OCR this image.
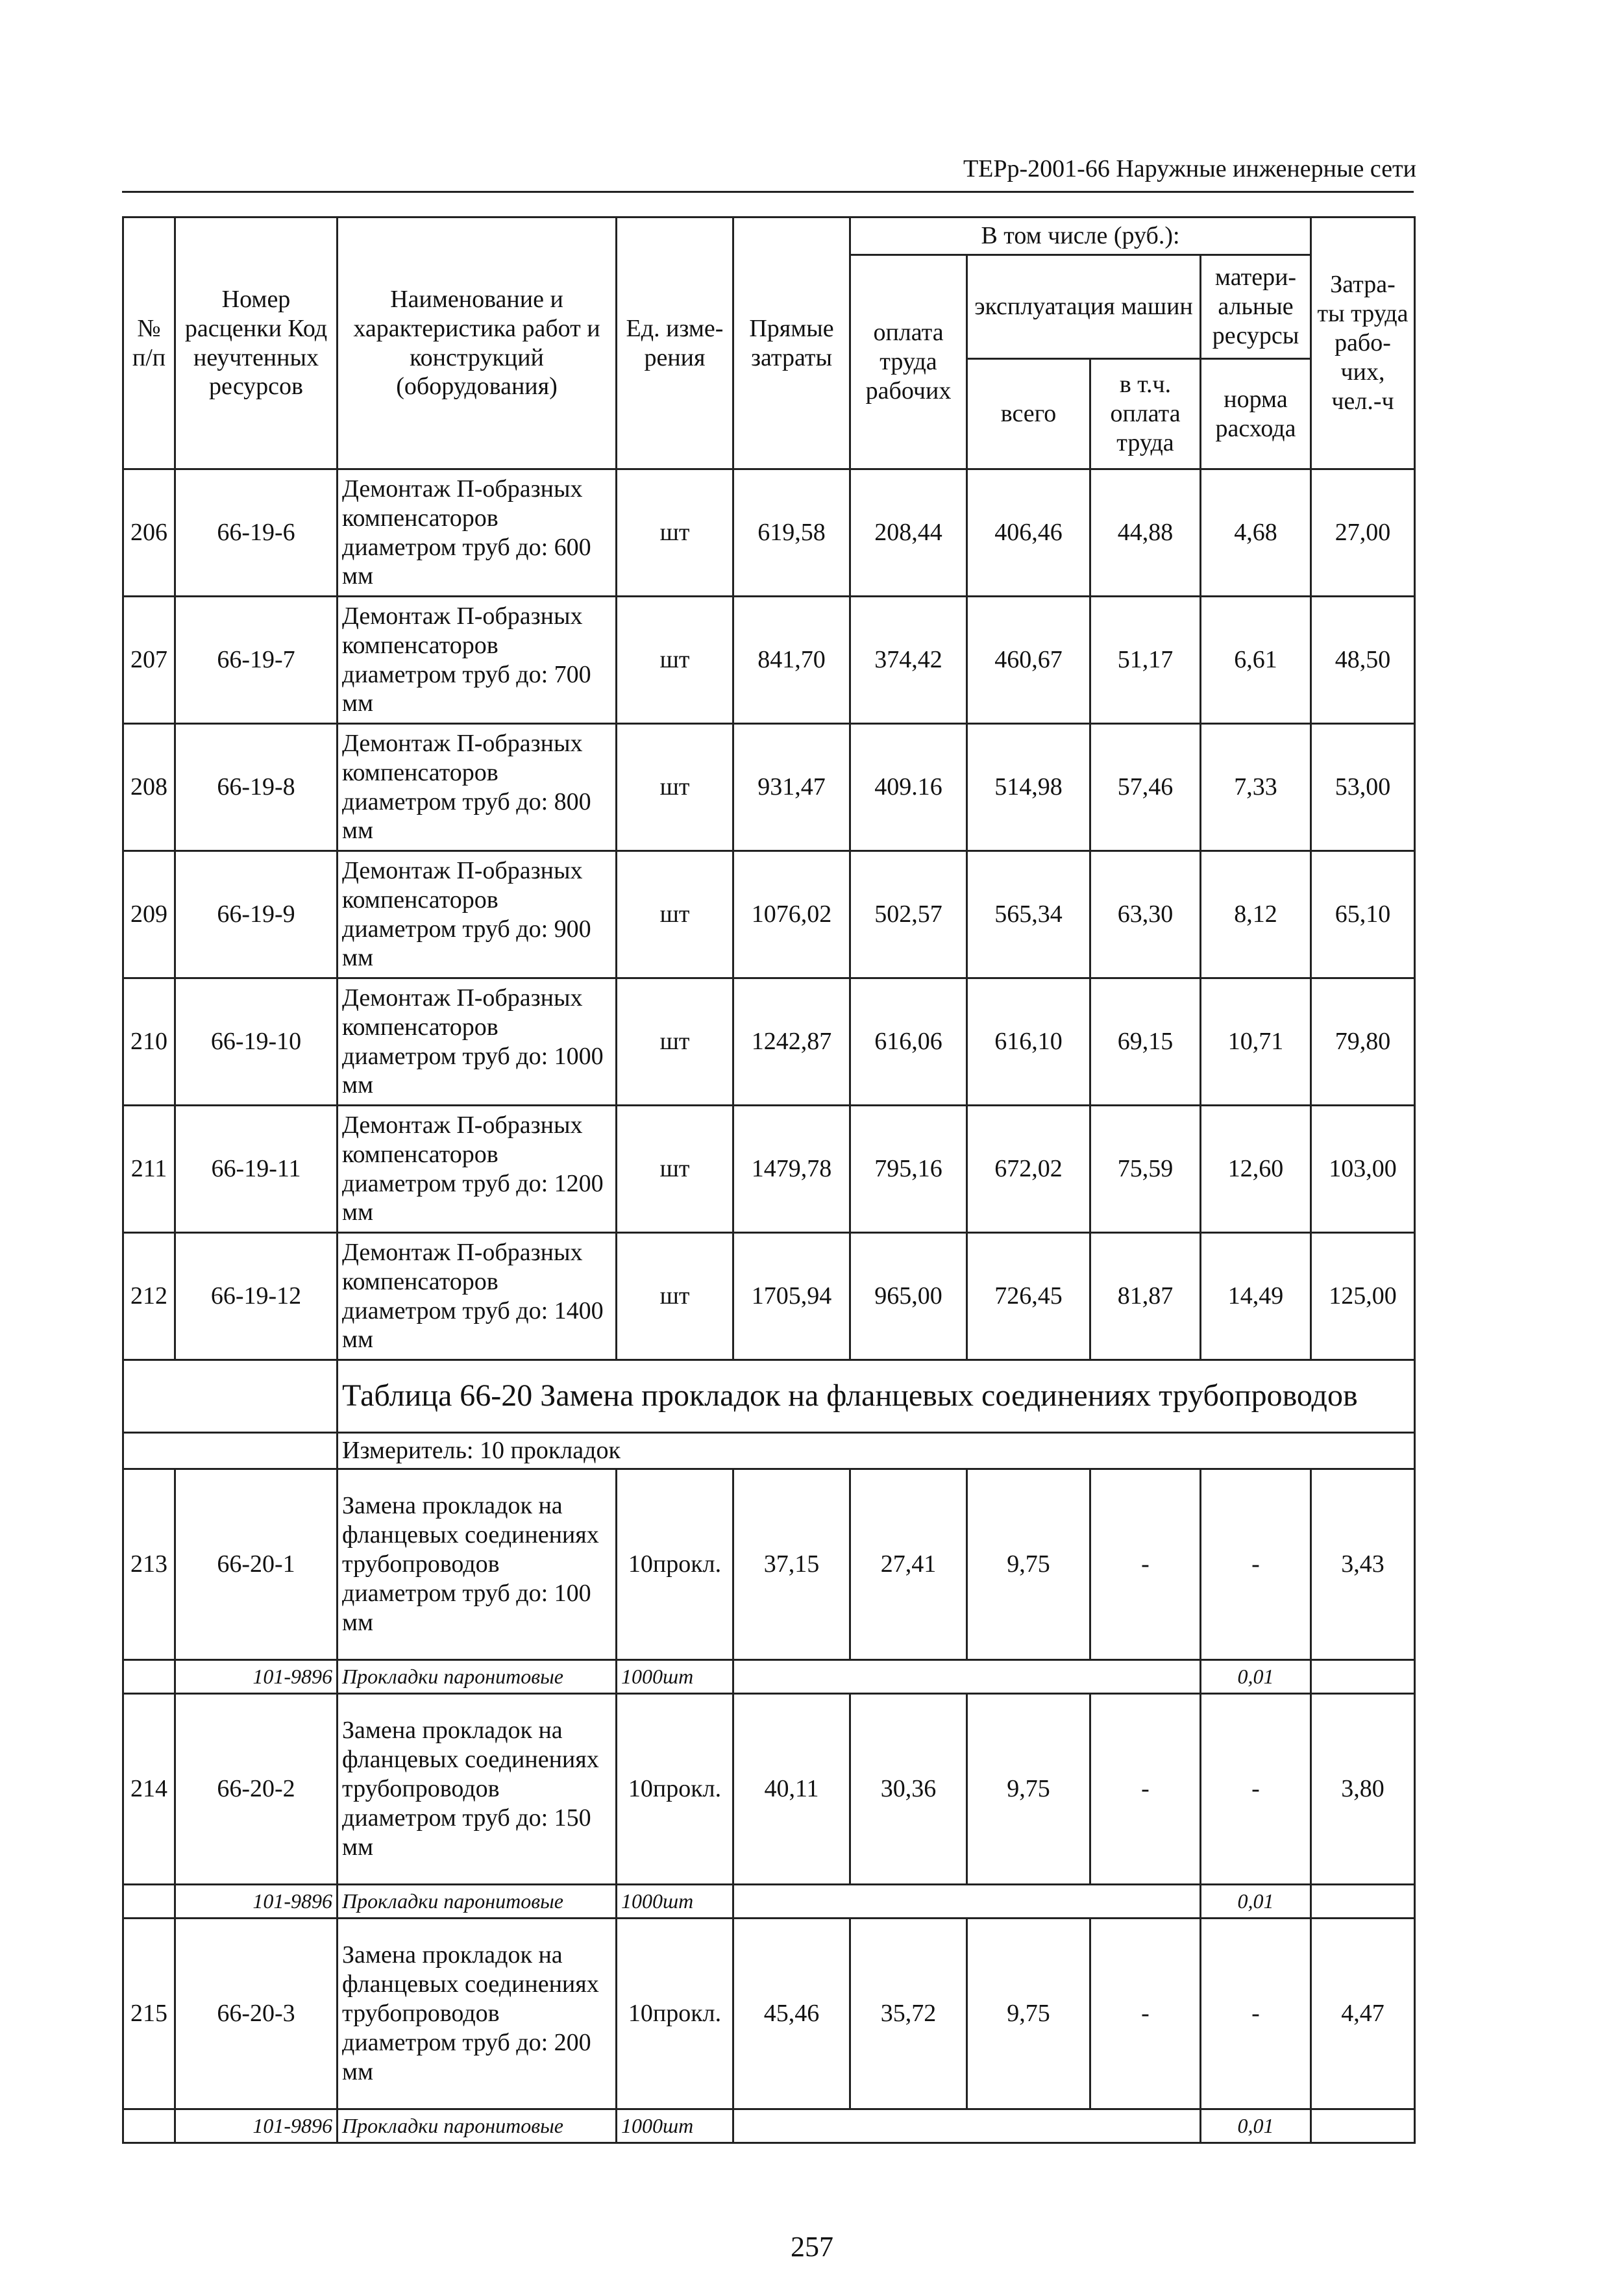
ТЕРр-2001-66 Наружные инженерные сети
№ п/п	Номер расценки Код неучтенных ресурсов	Наименование и характеристика работ и конструкций (оборудования)	Ед. изме- рения	Прямые затраты	В том числе (руб.):				Затра- ты труда рабо- чих, чел.-ч
					оплата труда рабочих	эксплуатация машин		матери- альные ресурсы	
						всего	в т.ч. оплата труда	норма расхода	

206	66-19-6	Демонтаж П-образных компенсаторов диаметром труб до: 600 мм	шт	619,58	208,44	406,46	44,88	4,68	27,00
207	66-19-7	Демонтаж П-образных компенсаторов диаметром труб до: 700 мм	шт	841,70	374,42	460,67	51,17	6,61	48,50
208	66-19-8	Демонтаж П-образных компенсаторов диаметром труб до: 800 мм	шт	931,47	409.16	514,98	57,46	7,33	53,00
209	66-19-9	Демонтаж П-образных компенсаторов диаметром труб до: 900 мм	шт	1076,02	502,57	565,34	63,30	8,12	65,10
210	66-19-10	Демонтаж П-образных компенсаторов диаметром труб до: 1000 мм	шт	1242,87	616,06	616,10	69,15	10,71	79,80
211	66-19-11	Демонтаж П-образных компенсаторов диаметром труб до: 1200 мм	шт	1479,78	795,16	672,02	75,59	12,60	103,00
212	66-19-12	Демонтаж П-образных компенсаторов диаметром труб до: 1400 мм	шт	1705,94	965,00	726,45	81,87	14,49	125,00
		Таблица 66-20 Замена прокладок на фланцевых соединениях трубопроводов							
		Измеритель: 10 прокладок							
213	66-20-1	Замена прокладок на фланцевых соединениях трубопроводов диаметром труб до: 100 мм	10прокл.	37,15	27,41	9,75	-	-	3,43
	101-9896	Прокладки паронитовые	1000шт					0,01	
214	66-20-2	Замена прокладок на фланцевых соединениях трубопроводов диаметром труб до: 150 мм	10прокл.	40,11	30,36	9,75	-	-	3,80
	101-9896	Прокладки паронитовые	1000шт					0,01	
215	66-20-3	Замена прокладок на фланцевых соединениях трубопроводов диаметром труб до: 200 мм	10прокл.	45,46	35,72	9,75	-	-	4,47
	101-9896	Прокладки паронитовые	1000шт					0,01	
257
